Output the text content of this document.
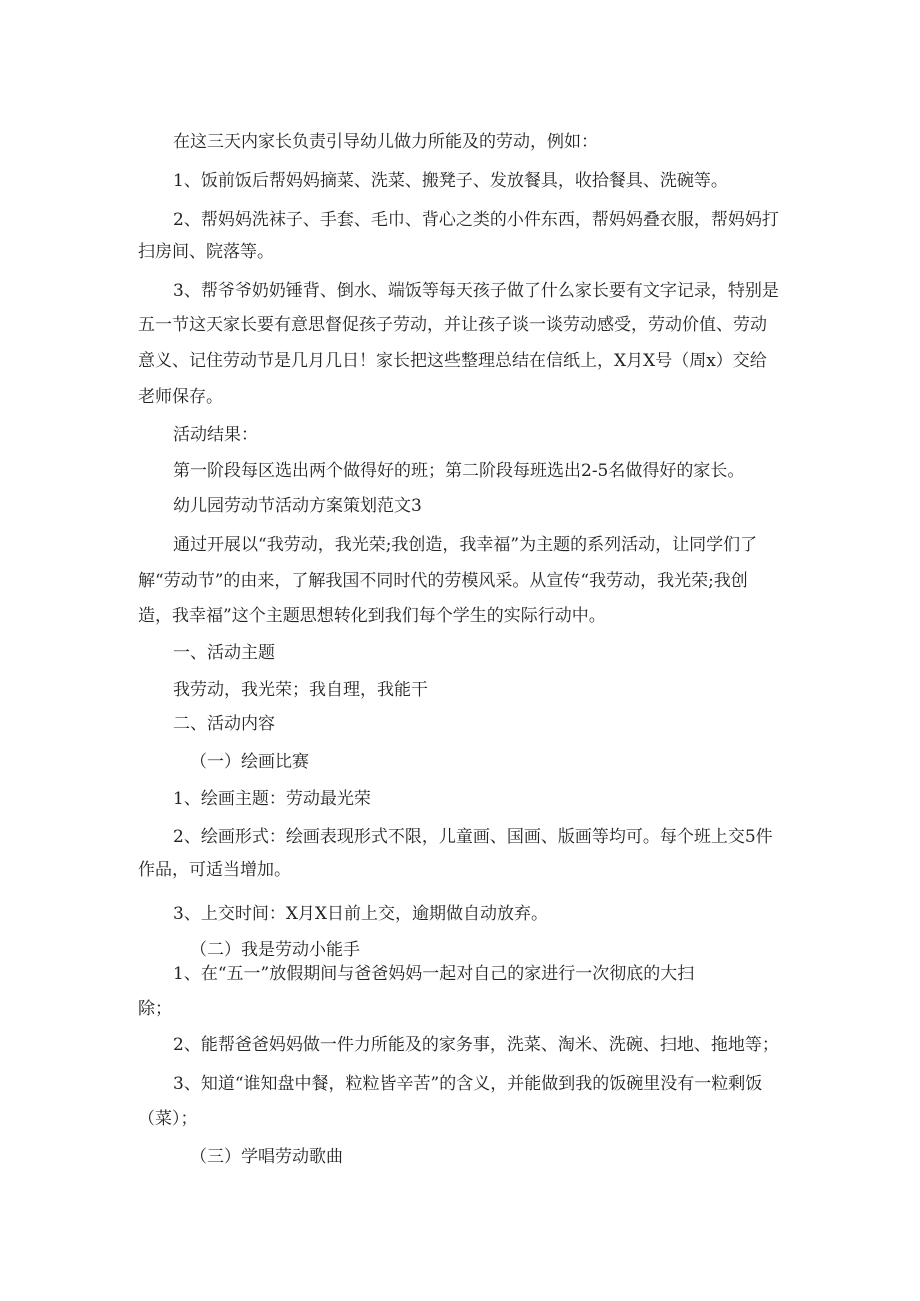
在这三天内家长负责引导幼儿做力所能及的劳动，例如：
1、饭前饭后帮妈妈摘菜、洗菜、搬凳子、发放餐具，收拾餐具、洗碗等。
2、帮妈妈洗袜子、手套、毛巾、背心之类的小件东西，帮妈妈叠衣服，帮妈妈打
扫房间、院落等。
3、帮爷爷奶奶锤背、倒水、端饭等每天孩子做了什么家长要有文字记录，特别是
五一节这天家长要有意思督促孩子劳动，并让孩子谈一谈劳动感受，劳动价值、劳动
意义、记住劳动节是几月几日！家长把这些整理总结在信纸上，X月X号（周x）交给
老师保存。
活动结果：
第一阶段每区选出两个做得好的班；第二阶段每班选出2-5名做得好的家长。
幼儿园劳动节活动方案策划范文3
通过开展以“我劳动，我光荣;我创造，我幸福”为主题的系列活动，让同学们了
解“劳动节”的由来，了解我国不同时代的劳模风采。从宣传“我劳动，我光荣;我创
造，我幸福”这个主题思想转化到我们每个学生的实际行动中。
一、活动主题
我劳动，我光荣；我自理，我能干
二、活动内容
（一）绘画比赛
1、绘画主题：劳动最光荣
2、绘画形式：绘画表现形式不限，儿童画、国画、版画等均可。每个班上交5件
作品，可适当增加。
3、上交时间：X月X日前上交，逾期做自动放弃。
（二）我是劳动小能手
1、在“五一”放假期间与爸爸妈妈一起对自己的家进行一次彻底的大扫
除；
2、能帮爸爸妈妈做一件力所能及的家务事，洗菜、淘米、洗碗、扫地、拖地等；
3、知道“谁知盘中餐，粒粒皆辛苦”的含义，并能做到我的饭碗里没有一粒剩饭
（菜）；
（三）学唱劳动歌曲
